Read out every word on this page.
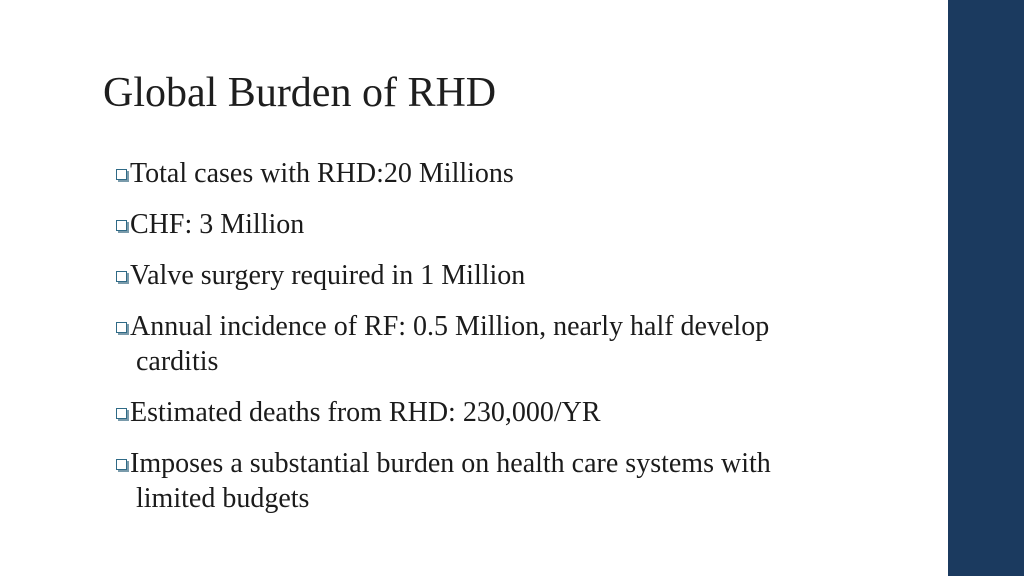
Global Burden of RHD
Total cases with RHD:20 Millions
CHF: 3 Million
Valve surgery required in 1 Million
Annual incidence of RF: 0.5 Million, nearly half develop carditis
Estimated deaths from RHD: 230,000/YR
Imposes a substantial burden on health care systems with limited budgets
